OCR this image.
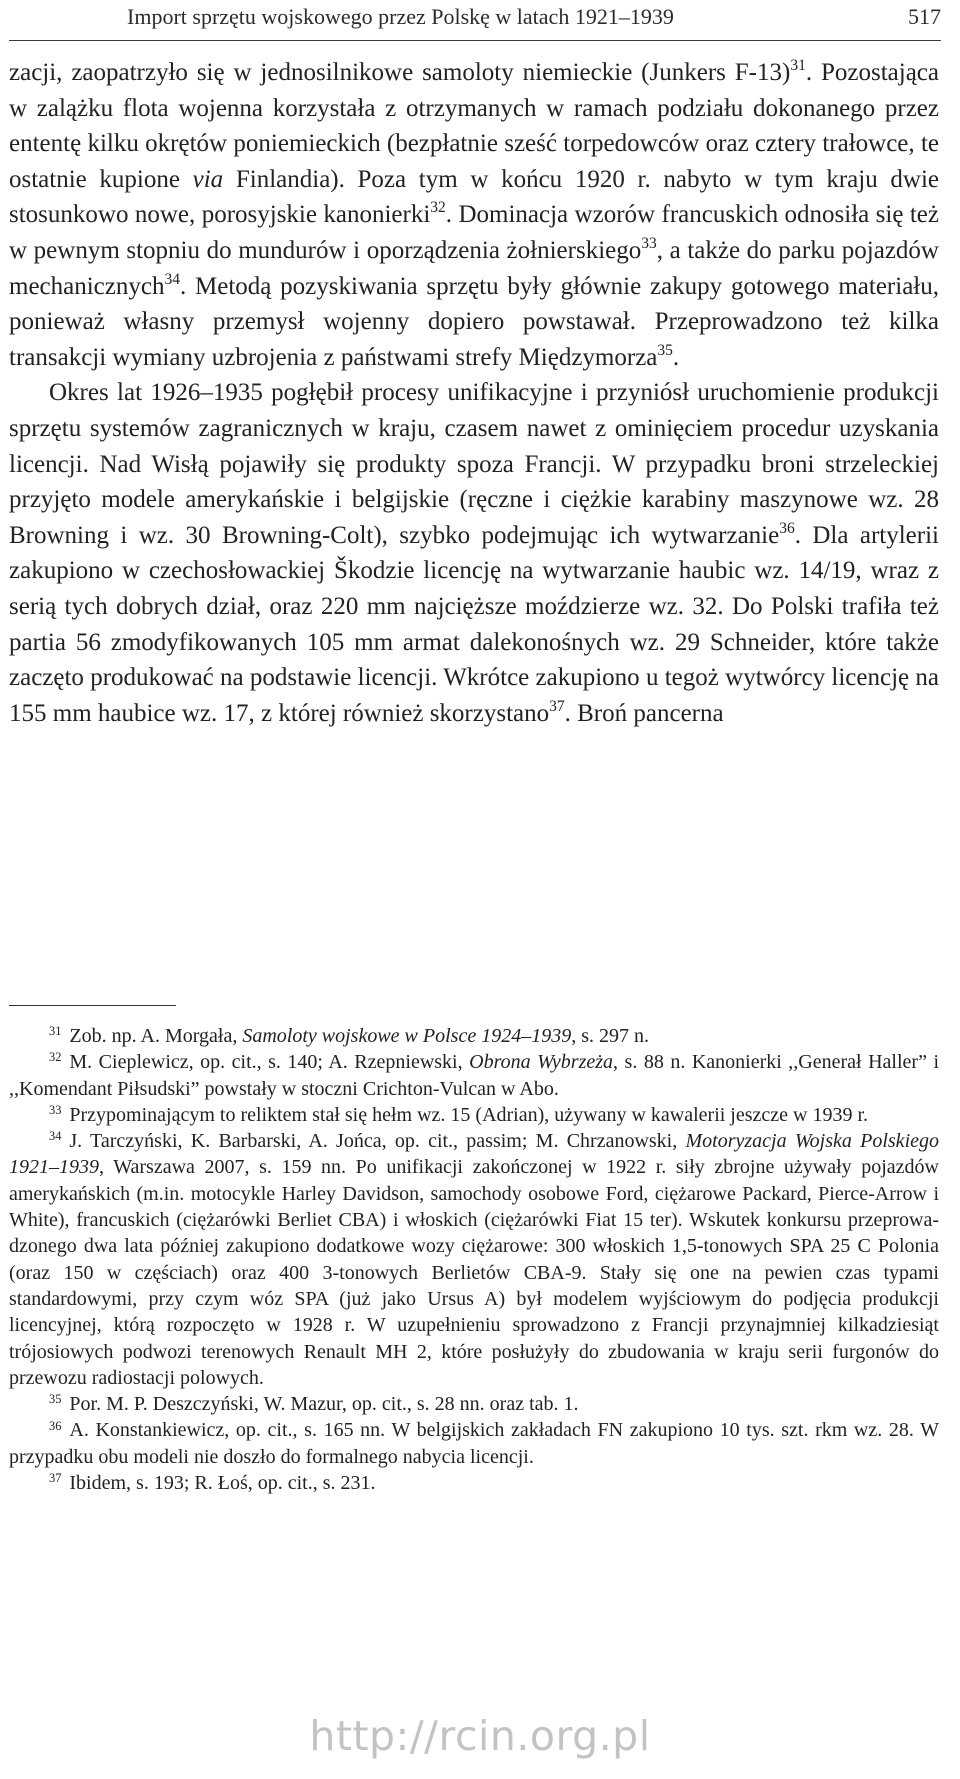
Import sprzętu wojskowego przez Polskę w latach 1921–1939	517

zacji, zaopatrzyło się w jednosilnikowe samoloty niemieckie (Junkers F-13)$^{31}$. Pozostająca w zalążku flota wojenna korzystała z otrzymanych w ramach podziału dokonanego przez ententę kilku okrętów poniemieckich (bezpłatnie sześć torpedowców oraz cztery trałowce, te ostatnie kupione via Finlandia). Poza tym w końcu 1920 r. nabyto w tym kraju dwie stosunkowo nowe, porosyjskie kanonierki$^{32}$. Dominacja wzorów francuskich odnosiła się też w pewnym stopniu do mundurów i oporządzenia żołnierskiego$^{33}$, a także do parku pojazdów mechanicznych$^{34}$. Metodą pozyskiwania sprzętu były głównie zakupy gotowego materiału, ponieważ własny przemysł wojenny dopiero powstawał. Przeprowadzono też kilka transakcji wymiany uzbrojenia z państwami strefy Międzymorza$^{35}$.

Okres lat 1926–1935 pogłębił procesy unifikacyjne i przyniósł uruchomienie produkcji sprzętu systemów zagranicznych w kraju, czasem nawet z ominięciem procedur uzyskania licencji. Nad Wisłą pojawiły się produkty spoza Francji. W przypadku broni strzeleckiej przyjęto modele amerykańskie i belgijskie (ręczne i ciężkie karabiny maszynowe wz. 28 Browning i wz. 30 Browning-Colt), szybko podejmując ich wytwarzanie$^{36}$. Dla artylerii zakupiono w czechosłowackiej Škodzie licencję na wytwarzanie haubic wz. 14/19, wraz z serią tych dobrych dział, oraz 220 mm najcięższe moździerze wz. 32. Do Polski trafiła też partia 56 zmodyfikowanych 105 mm armat dalekonośnych wz. 29 Schneider, które także zaczęto produkować na podstawie licencji. Wkrótce zakupiono u tegoż wytwórcy licencję na 155 mm haubice wz. 17, z której również skorzystano$^{37}$. Broń pancerna

$^{31}$ Zob. np. A. Morgała, Samoloty wojskowe w Polsce 1924–1939, s. 297 n.

$^{32}$ M. Cieplewicz, op. cit., s. 140; A. Rzepniewski, Obrona Wybrzeża, s. 88 n. Kanonierki ,,Generał Haller” i ,,Komendant Piłsudski” powstały w stoczni Crichton-Vulcan w Abo.

$^{33}$ Przypominającym to reliktem stał się hełm wz. 15 (Adrian), używany w kawalerii jeszcze w 1939 r.

$^{34}$ J. Tarczyński, K. Barbarski, A. Jońca, op. cit., passim; M. Chrzanowski, Motoryzacja Wojska Polskiego 1921–1939, Warszawa 2007, s. 159 nn. Po unifikacji zakończonej w 1922 r. siły zbrojne używały pojazdów amerykańskich (m.in. motocykle Harley Davidson, samochody osobowe Ford, ciężarowe Packard, Pierce-Arrow i White), francuskich (ciężarówki Berliet CBA) i włoskich (ciężarówki Fiat 15 ter). Wskutek konkursu przeprowadzonego dwa lata później zakupiono dodatkowe wozy ciężarowe: 300 włoskich 1,5-tonowych SPA 25 C Polonia (oraz 150 w częściach) oraz 400 3-tonowych Berlietów CBA-9. Stały się one na pewien czas typami standardowymi, przy czym wóz SPA (już jako Ursus A) był modelem wyjściowym do podjęcia produkcji licencyjnej, którą rozpoczęto w 1928 r. W uzupełnieniu sprowadzono z Francji przynajmniej kilkadziesiąt trójosiowych podwozi terenowych Renault MH 2, które posłużyły do zbudowania w kraju serii furgonów do przewozu radiostacji polowych.

$^{35}$ Por. M. P. Deszczyński, W. Mazur, op. cit., s. 28 nn. oraz tab. 1.

$^{36}$ A. Konstankiewicz, op. cit., s. 165 nn. W belgijskich zakładach FN zakupiono 10 tys. szt. rkm wz. 28. W przypadku obu modeli nie doszło do formalnego nabycia licencji.

$^{37}$ Ibidem, s. 193; R. Łoś, op. cit., s. 231.

http://rcin.org.pl
